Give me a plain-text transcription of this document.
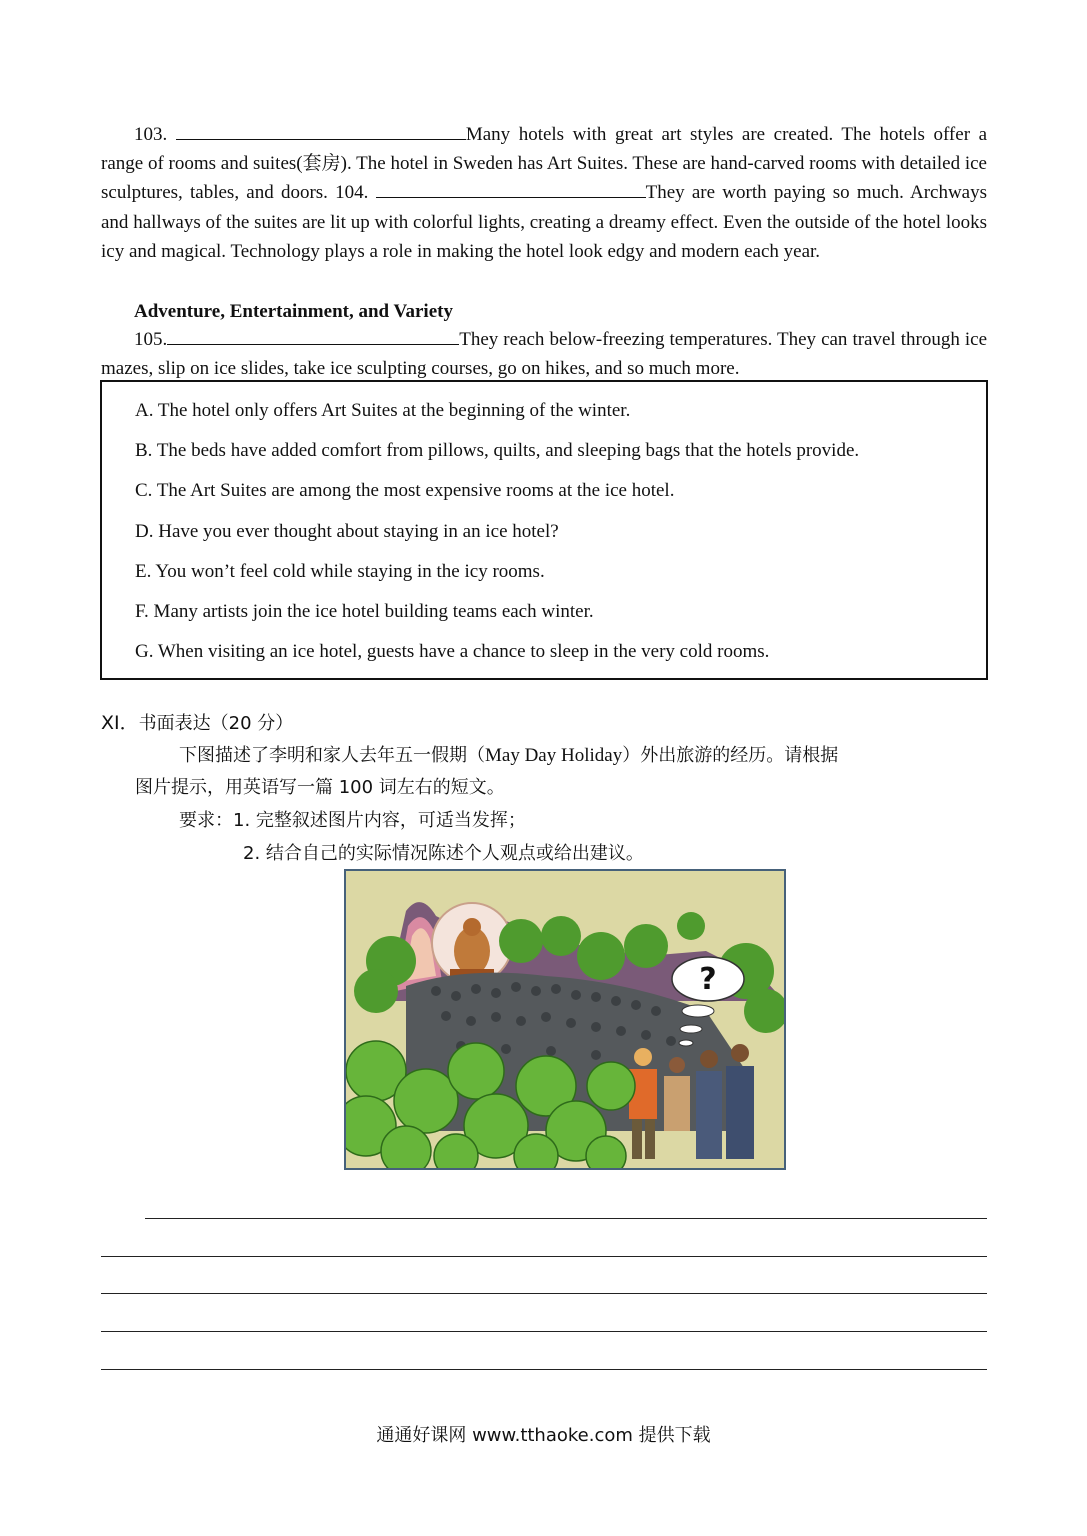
103.	Many hotels with great art styles are created. The hotels offer a range of rooms and suites(套房). The hotel in Sweden has Art Suites. These are hand-carved rooms with detailed ice sculptures, tables, and doors. 104.	They are worth paying so much. Archways and hallways of the suites are lit up with colorful lights, creating a dreamy effect. Even the outside of the hotel looks icy and magical. Technology plays a role in making the hotel look edgy and modern each year.

Adventure, Entertainment, and Variety

105.	They reach below-freezing temperatures. They can travel through ice mazes, slip on ice slides, take ice sculpting courses, go on hikes, and so much more.

A. The hotel only offers Art Suites at the beginning of the winter.

B. The beds have added comfort from pillows, quilts, and sleeping bags that the hotels provide.

C. The Art Suites are among the most expensive rooms at the ice hotel.

D. Have you ever thought about staying in an ice hotel?

E. You won’t feel cold while staying in the icy rooms.

F. Many artists join the ice hotel building teams each winter.

G. When visiting an ice hotel, guests have a chance to sleep in the very cold rooms.

XI．书面表达（20 分）

下图描述了李明和家人去年五一假期（May Day Holiday）外出旅游的经历。请根据

图片提示，用英语写一篇 100 词左右的短文。

要求：1. 完整叙述图片内容，可适当发挥；

2. 结合自己的实际情况陈述个人观点或给出建议。

?

通通好课网 www.tthaoke.com 提供下载
